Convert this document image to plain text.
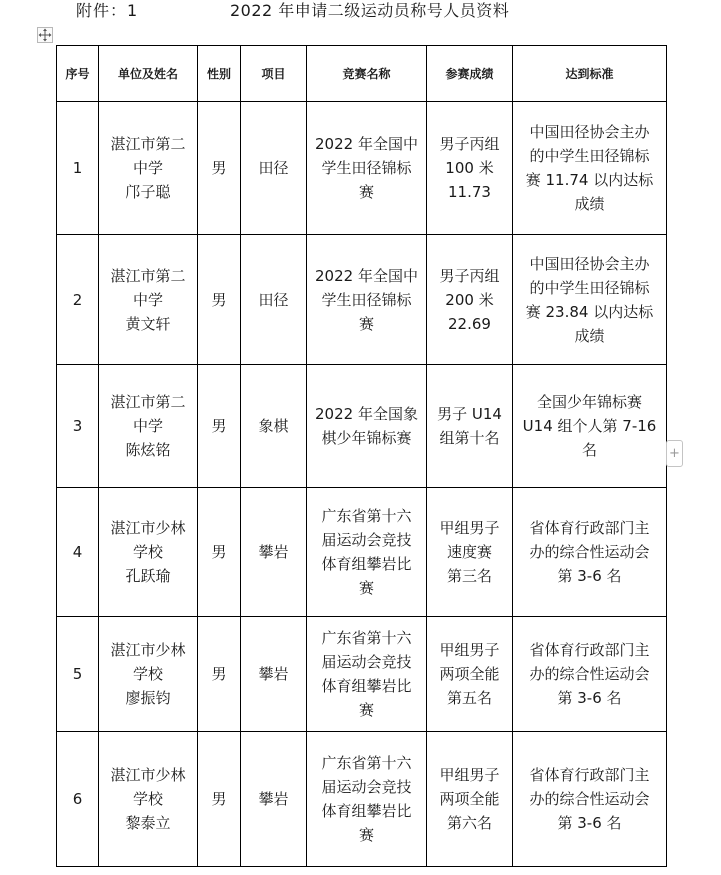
附件：1	2022 年申请二级运动员称号人员资料
序号	单位及姓名	性别	项目	竞赛名称	参赛成绩	达到标准
1	湛江市第二
中学
邝子聪	男	田径	2022 年全国中
学生田径锦标
赛	男子丙组
100 米
11.73	中国田径协会主办
的中学生田径锦标
赛 11.74 以内达标
成绩

2	湛江市第二
中学
黄文轩	男	田径	2022 年全国中
学生田径锦标
赛	男子丙组
200 米
22.69	中国田径协会主办
的中学生田径锦标
赛 23.84 以内达标
成绩

3	湛江市第二
中学
陈炫铭	男	象棋	2022 年全国象
棋少年锦标赛	男子 U14
组第十名	全国少年锦标赛
U14 组个人第 7-16
名

4	湛江市少林
学校
孔跃瑜	男	攀岩	广东省第十六
届运动会竞技
体育组攀岩比
赛	甲组男子
速度赛
第三名	省体育行政部门主
办的综合性运动会
第 3-6 名

5	湛江市少林
学校
廖振钧	男	攀岩	广东省第十六
届运动会竞技
体育组攀岩比
赛	甲组男子
两项全能
第五名	省体育行政部门主
办的综合性运动会
第 3-6 名

6	湛江市少林
学校
黎泰立	男	攀岩	广东省第十六
届运动会竞技
体育组攀岩比
赛	甲组男子
两项全能
第六名	省体育行政部门主
办的综合性运动会
第 3-6 名
+
